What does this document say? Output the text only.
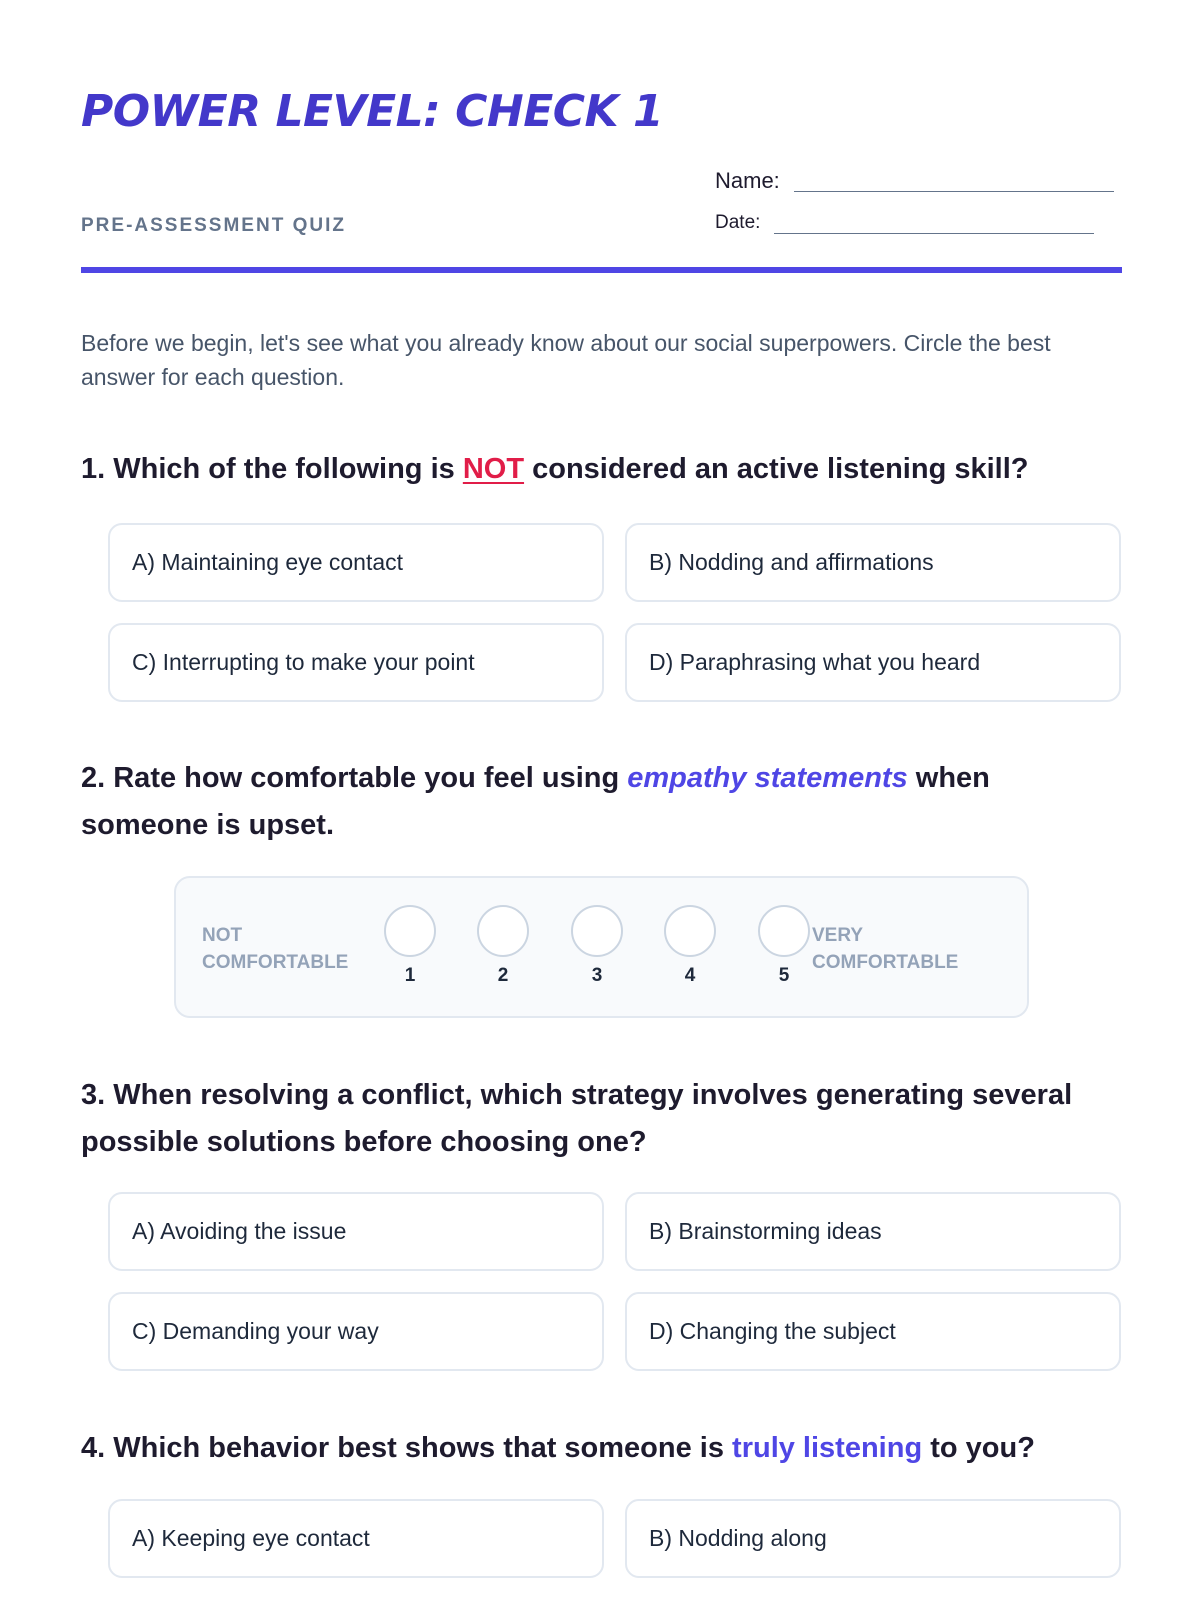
POWER LEVEL: CHECK 1
PRE-ASSESSMENT QUIZ
Name:
Date:

Before we begin, let's see what you already know about our social superpowers. Circle the best answer for each question.

1. Which of the following is NOT considered an active listening skill?
A) Maintaining eye contact	B) Nodding and affirmations
C) Interrupting to make your point	D) Paraphrasing what you heard
2. Rate how comfortable you feel using empathy statements when someone is upset.
NOT COMFORTABLE
1	2	3	4	5
VERY COMFORTABLE
3. When resolving a conflict, which strategy involves generating several possible solutions before choosing one?
A) Avoiding the issue	B) Brainstorming ideas
C) Demanding your way	D) Changing the subject
4. Which behavior best shows that someone is truly listening to you?
A) Keeping eye contact	B) Nodding along
